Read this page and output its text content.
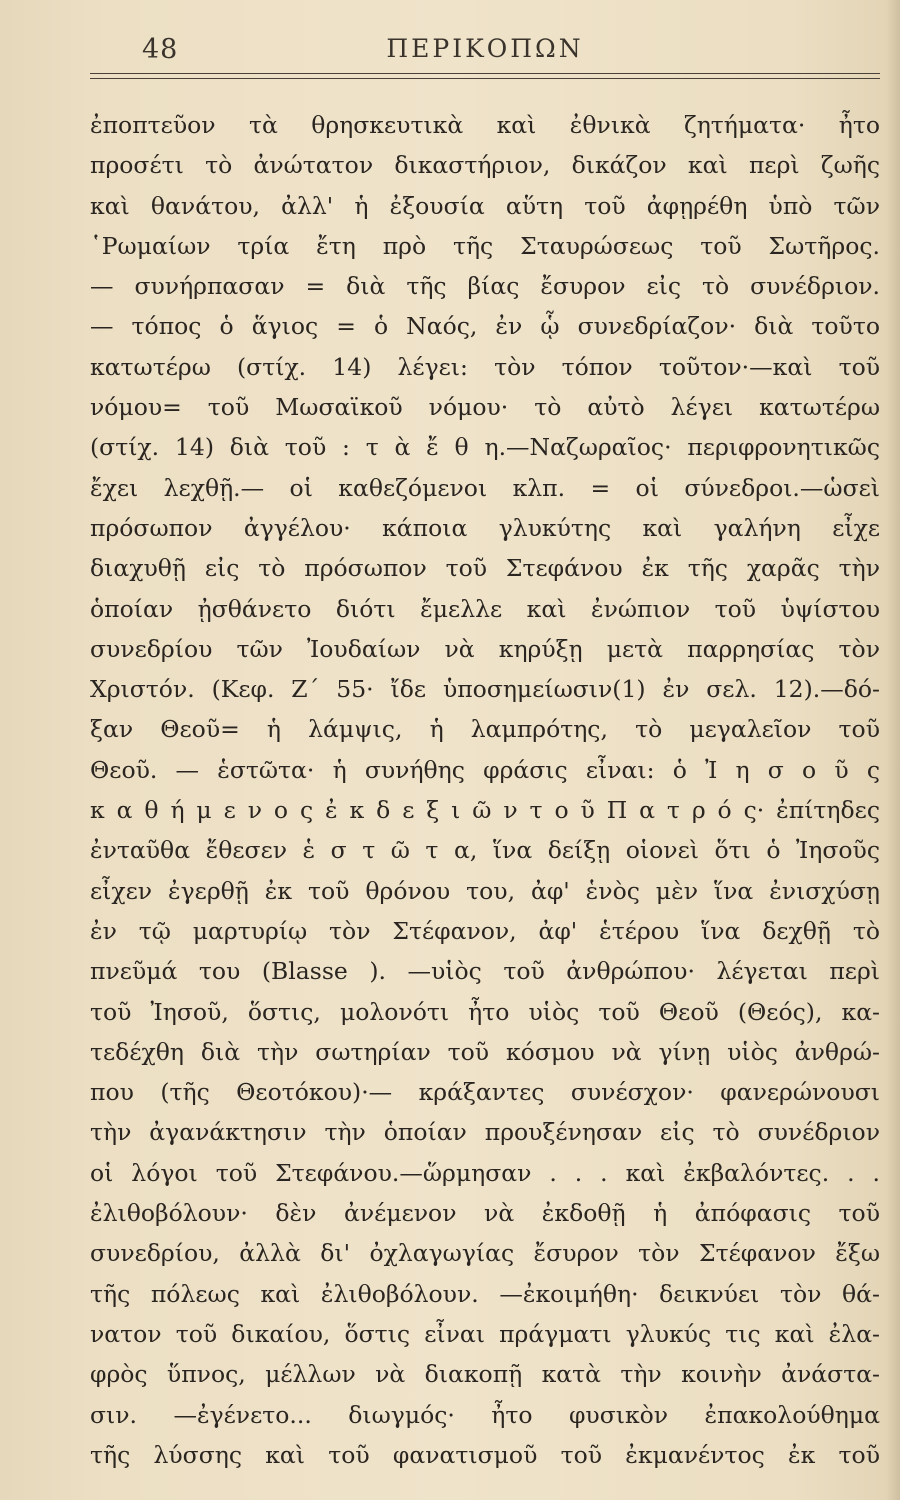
48	ΠΕΡΙΚΟΠΩΝ
ἐποπτεῦον τὰ θρησκευτικὰ καὶ ἐθνικὰ ζητήματα· ἦτο
προσέτι τὸ ἀνώτατον δικαστήριον, δικάζον καὶ περὶ ζωῆς
καὶ θανάτου, ἀλλ' ἡ ἐξουσία αὕτη τοῦ ἀφῃρέθη ὑπὸ τῶν
῾Ρωμαίων τρία ἔτη πρὸ τῆς Σταυρώσεως τοῦ Σωτῆρος.
— συνήρπασαν = διὰ τῆς βίας ἔσυρον εἰς τὸ συνέδριον.
— τόπος ὁ ἅγιος = ὁ Ναός, ἐν ᾧ συνεδρίαζον· διὰ τοῦτο
κατωτέρω (στίχ. 14) λέγει: τὸν τόπον τοῦτον·—καὶ τοῦ
νόμου= τοῦ Μωσαϊκοῦ νόμου· τὸ αὐτὸ λέγει κατωτέρω
(στίχ. 14) διὰ τοῦ : τ ὰ ἔ θ η.—Ναζωραῖος· περιφρονητικῶς
ἔχει λεχθῇ.— οἱ καθεζόμενοι κλπ. = οἱ σύνεδροι.—ὡσεὶ
πρόσωπον ἀγγέλου· κάποια γλυκύτης καὶ γαλήνη εἶχε
διαχυθῇ εἰς τὸ πρόσωπον τοῦ Στεφάνου ἐκ τῆς χαρᾶς τὴν
ὁποίαν ᾐσθάνετο διότι ἔμελλε καὶ ἐνώπιον τοῦ ὑψίστου
συνεδρίου τῶν Ἰουδαίων νὰ κηρύξῃ μετὰ παρρησίας τὸν
Χριστόν. (Κεφ. Ζ΄ 55· ἴδε ὑποσημείωσιν(1) ἐν σελ. 12).—δό-
ξαν Θεοῦ= ἡ λάμψις, ἡ λαμπρότης, τὸ μεγαλεῖον τοῦ
Θεοῦ. — ἑστῶτα· ἡ συνήθης φράσις εἶναι: ὁ Ἰ η σ ο ῦ ς
κ α θ ή μ ε ν ο ς ἐ κ δ ε ξ ι ῶ ν τ ο ῦ Π α τ ρ ό ς· ἐπίτηδες
ἐνταῦθα ἔθεσεν ἑ σ τ ῶ τ α, ἵνα δείξῃ οἱονεὶ ὅτι ὁ Ἰησοῦς
εἶχεν ἐγερθῇ ἐκ τοῦ θρόνου του, ἀφ' ἑνὸς μὲν ἵνα ἐνισχύσῃ
ἐν τῷ μαρτυρίῳ τὸν Στέφανον, ἀφ' ἑτέρου ἵνα δεχθῇ τὸ
πνεῦμά του (Blasse ). —υἱὸς τοῦ ἀνθρώπου· λέγεται περὶ
τοῦ Ἰησοῦ, ὅστις, μολονότι ἦτο υἱὸς τοῦ Θεοῦ (Θεός), κα-
τεδέχθη διὰ τὴν σωτηρίαν τοῦ κόσμου νὰ γίνῃ υἱὸς ἀνθρώ-
που (τῆς Θεοτόκου)·— κράξαντες συνέσχον· φανερώνουσι
τὴν ἀγανάκτησιν τὴν ὁποίαν προυξένησαν εἰς τὸ συνέδριον
οἱ λόγοι τοῦ Στεφάνου.—ὥρμησαν . . . καὶ ἐκβαλόντες. . .
ἐλιθοβόλουν· δὲν ἀνέμενον νὰ ἐκδοθῇ ἡ ἀπόφασις τοῦ
συνεδρίου, ἀλλὰ δι' ὀχλαγωγίας ἔσυρον τὸν Στέφανον ἔξω
τῆς πόλεως καὶ ἐλιθοβόλουν. —ἐκοιμήθη· δεικνύει τὸν θά-
νατον τοῦ δικαίου, ὅστις εἶναι πράγματι γλυκύς τις καὶ ἐλα-
φρὸς ὕπνος, μέλλων νὰ διακοπῇ κατὰ τὴν κοινὴν ἀνάστα-
σιν. —ἐγένετο... διωγμός· ἦτο φυσικὸν ἐπακολούθημα
τῆς λύσσης καὶ τοῦ φανατισμοῦ τοῦ ἐκμανέντος ἐκ τοῦ
